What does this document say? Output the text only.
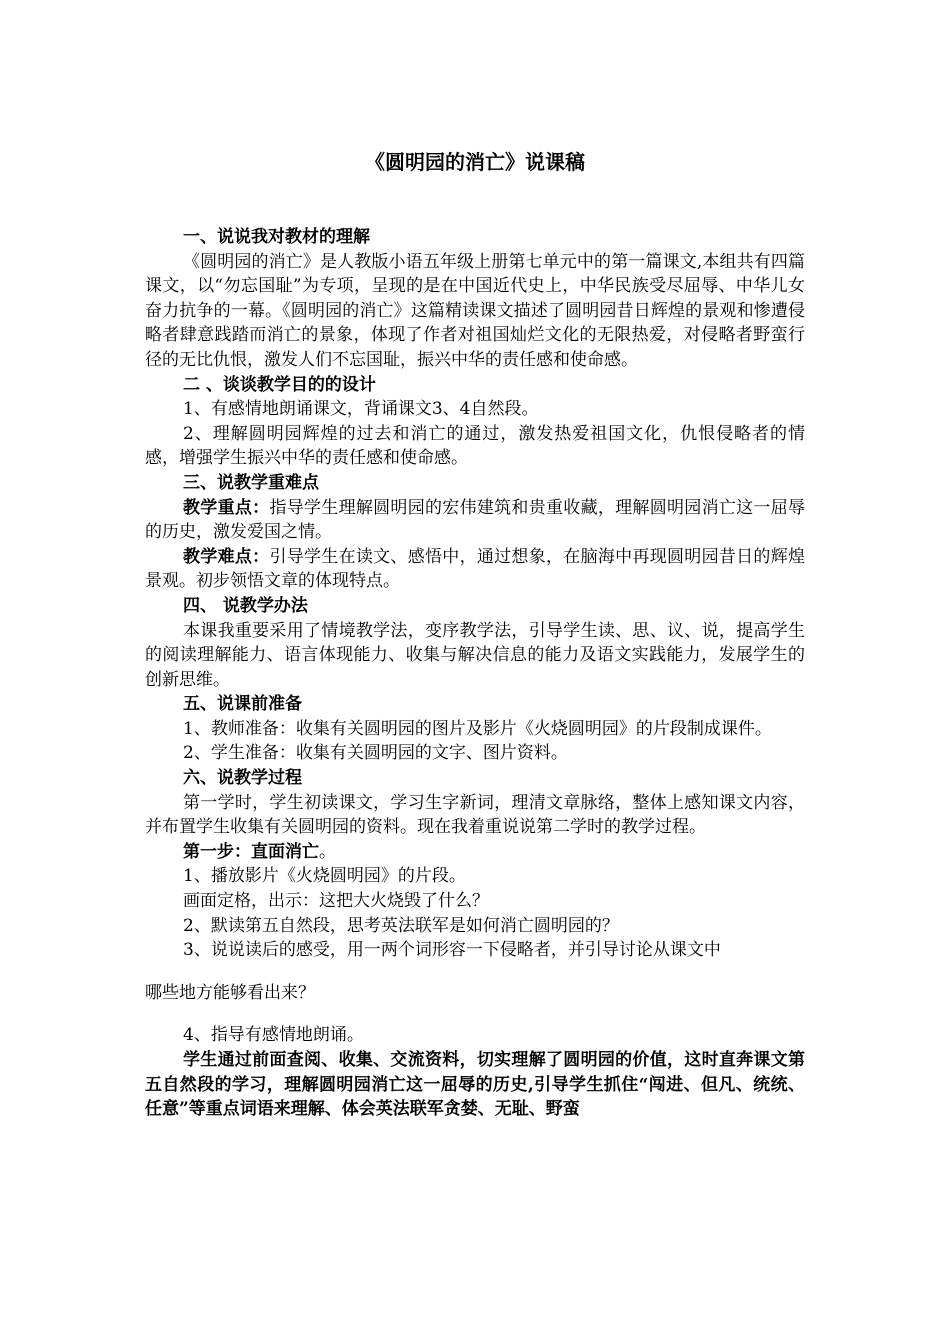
《圆明园的消亡》说课稿

一、说说我对教材的理解

《圆明园的消亡》是人教版小语五年级上册第七单元中的第一篇课文,本组共有四篇课文，以“勿忘国耻”为专项，呈现的是在中国近代史上，中华民族受尽屈辱、中华儿女奋力抗争的一幕。《圆明园的消亡》这篇精读课文描述了圆明园昔日辉煌的景观和惨遭侵略者肆意践踏而消亡的景象，体现了作者对祖国灿烂文化的无限热爱，对侵略者野蛮行径的无比仇恨，激发人们不忘国耻，振兴中华的责任感和使命感。

二 、谈谈教学目的的设计

1、有感情地朗诵课文，背诵课文3、4自然段。

2、理解圆明园辉煌的过去和消亡的通过，激发热爱祖国文化，仇恨侵略者的情感，增强学生振兴中华的责任感和使命感。

三、说教学重难点

教学重点：指导学生理解圆明园的宏伟建筑和贵重收藏，理解圆明园消亡这一屈辱的历史，激发爱国之情。

教学难点：引导学生在读文、感悟中，通过想象，在脑海中再现圆明园昔日的辉煌景观。初步领悟文章的体现特点。

四、 说教学办法

本课我重要采用了情境教学法，变序教学法，引导学生读、思、议、说，提高学生的阅读理解能力、语言体现能力、收集与解决信息的能力及语文实践能力，发展学生的创新思维。

五、说课前准备

1、教师准备：收集有关圆明园的图片及影片《火烧圆明园》的片段制成课件。

2、学生准备：收集有关圆明园的文字、图片资料。

六、说教学过程

第一学时，学生初读课文，学习生字新词，理清文章脉络，整体上感知课文内容，并布置学生收集有关圆明园的资料。现在我着重说说第二学时的教学过程。

第一步：直面消亡。

1、播放影片《火烧圆明园》的片段。

画面定格，出示：这把大火烧毁了什么？

2、默读第五自然段，思考英法联军是如何消亡圆明园的？

3、说说读后的感受，用一两个词形容一下侵略者，并引导讨论从课文中

哪些地方能够看出来？

4、指导有感情地朗诵。

学生通过前面查阅、收集、交流资料，切实理解了圆明园的价值，这时直奔课文第五自然段的学习，理解圆明园消亡这一屈辱的历史,引导学生抓住“闯进、但凡、统统、任意”等重点词语来理解、体会英法联军贪婪、无耻、野蛮
